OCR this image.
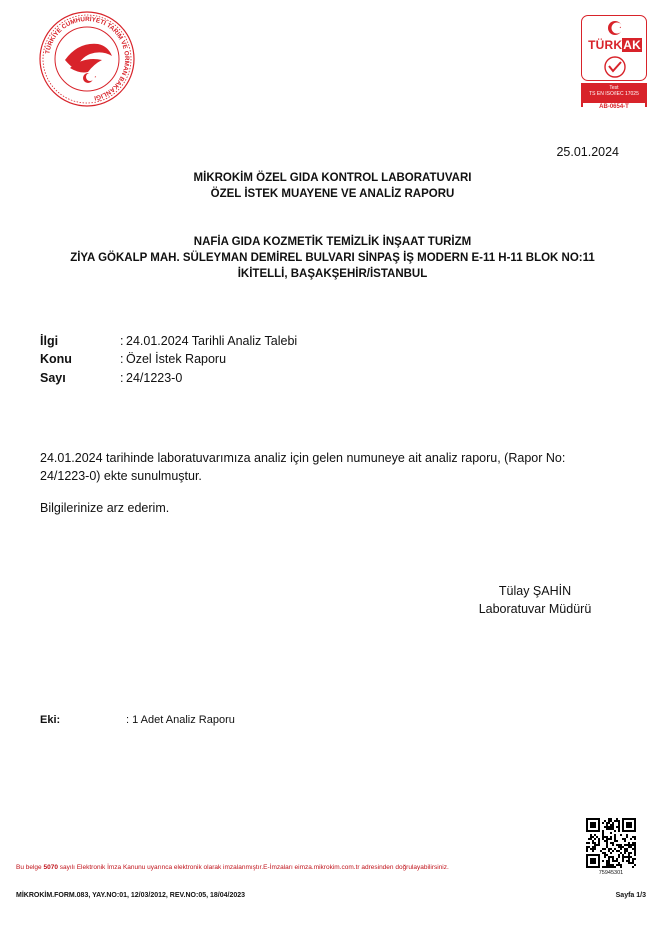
TÜRKİYE CUMHURİYETİ TARIM VE ORMAN BAKANLIĞI
TÜRKAK
Test
TS EN ISO/IEC 17025
AB-0654-T
25.01.2024
MİKROKİM ÖZEL GIDA KONTROL LABORATUVARI
ÖZEL İSTEK MUAYENE VE ANALİZ RAPORU
NAFİA GIDA KOZMETİK TEMİZLİK İNŞAAT TURİZM
ZİYA GÖKALP MAH. SÜLEYMAN DEMİREL BULVARI SİNPAŞ İŞ MODERN E-11 H-11 BLOK NO:11
İKİTELLİ, BAŞAKŞEHİR/İSTANBUL
İlgi	: 24.01.2024 Tarihli Analiz Talebi
Konu	: Özel İstek Raporu
Sayı	: 24/1223-0
24.01.2024 tarihinde laboratuvarımıza analiz için gelen numuneye ait analiz raporu, (Rapor No:
24/1223-0) ekte sunulmuştur.
Bilgilerinize arz ederim.
Tülay ŞAHİN
Laboratuvar Müdürü
Eki:	: 1 Adet Analiz Raporu
75945301
Bu belge 5070 sayılı Elektronik İmza Kanunu uyarınca elektronik olarak imzalanmıştır.E-İmzaları eimza.mikrokim.com.tr adresinden doğrulayabilirsiniz.
MİKROKİM.FORM.083, YAY.NO:01, 12/03/2012, REV.NO:05, 18/04/2023	Sayfa 1/3
